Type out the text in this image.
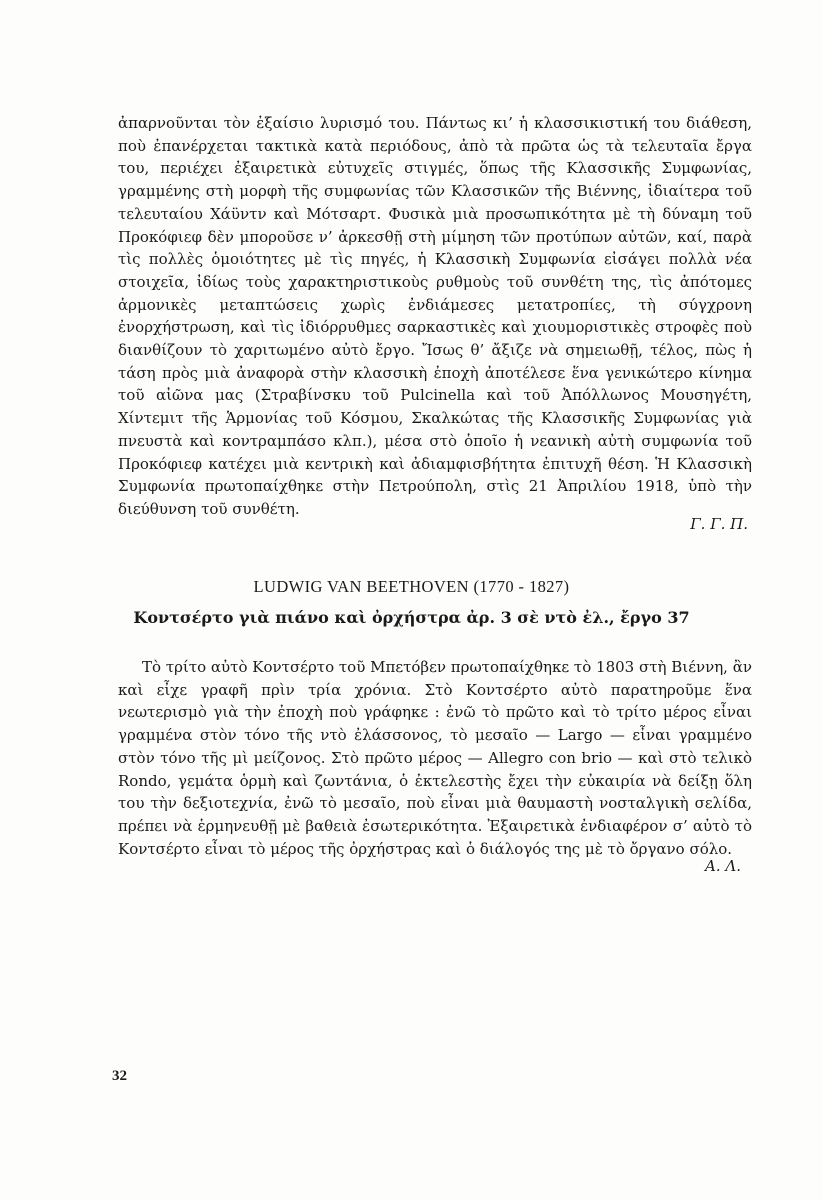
ἀπαρνοῦνται τὸν ἐξαίσιο λυρισμό του. Πάντως κι’ ἡ κλασσικιστική του διάθεση, ποὺ ἐπανέρχεται τακτικὰ κατὰ περιόδους, ἀπὸ τὰ πρῶτα ὡς τὰ τελευταῖα ἔργα του, περιέχει ἐξαιρετικὰ εὐτυχεῖς στιγμές, ὅπως τῆς Κλασσικῆς Συμφωνίας, γραμμένης στὴ μορφὴ τῆς συμφωνίας τῶν Κλασσικῶν τῆς Βιέννης, ἰδιαίτερα τοῦ τελευταίου Χάϋντν καὶ Μότσαρτ. Φυσικὰ μιὰ προσωπικότητα μὲ τὴ δύναμη τοῦ Προκόφιεφ δὲν μποροῦσε ν’ ἀρκεσθῇ στὴ μίμηση τῶν προτύπων αὐτῶν, καί, παρὰ τὶς πολλὲς ὁμοιότητες μὲ τὶς πηγές, ἡ Κλασσικὴ Συμφωνία εἰσάγει πολλὰ νέα στοιχεῖα, ἰδίως τοὺς χαρακτηριστικοὺς ρυθμοὺς τοῦ συνθέτη της, τὶς ἀπότομες ἁρμονικὲς μεταπτώσεις χωρὶς ἐνδιάμεσες μετατροπίες, τὴ σύγχρονη ἐνορχήστρωση, καὶ τὶς ἰδιόρρυθμες σαρκαστικὲς καὶ χιουμοριστικὲς στροφὲς ποὺ διανθίζουν τὸ χαριτωμένο αὐτὸ ἔργο. Ἴσως θ’ ἄξιζε νὰ σημειωθῇ, τέλος, πὼς ἡ τάση πρὸς μιὰ ἀναφορὰ στὴν κλασσικὴ ἐποχὴ ἀποτέλεσε ἕνα γενικώτερο κίνημα τοῦ αἰῶνα μας (Στραβίνσκυ τοῦ Pulcinella καὶ τοῦ Ἀπόλλωνος Μουσηγέτη, Χίντεμιτ τῆς Ἁρμονίας τοῦ Κόσμου, Σκαλκώτας τῆς Κλασσικῆς Συμφωνίας γιὰ πνευστὰ καὶ κοντραμπάσο κλπ.), μέσα στὸ ὁποῖο ἡ νεανικὴ αὐτὴ συμφωνία τοῦ Προκόφιεφ κατέχει μιὰ κεντρικὴ καὶ ἀδιαμφισβήτητα ἐπιτυχῆ θέση. Ἡ Κλασσικὴ Συμφωνία πρωτοπαίχθηκε στὴν Πετρούπολη, στὶς 21 Ἀπριλίου 1918, ὑπὸ τὴν διεύθυνση τοῦ συνθέτη.

Γ. Γ. Π.
LUDWIG VAN BEETHOVEN (1770 - 1827)
Κοντσέρτο γιὰ πιάνο καὶ ὀρχήστρα ἀρ. 3 σὲ ντὸ ἐλ., ἔργο 37

Τὸ τρίτο αὐτὸ Κοντσέρτο τοῦ Μπετόβεν πρωτοπαίχθηκε τὸ 1803 στὴ Βιέννη, ἂν καὶ εἶχε γραφῆ πρὶν τρία χρόνια. Στὸ Κοντσέρτο αὐτὸ παρατηροῦμε ἕνα νεωτερισμὸ γιὰ τὴν ἐποχὴ ποὺ γράφηκε : ἐνῶ τὸ πρῶτο καὶ τὸ τρίτο μέρος εἶναι γραμμένα στὸν τόνο τῆς ντὸ ἐλάσσονος, τὸ μεσαῖο — Largo — εἶναι γραμμένο στὸν τόνο τῆς μὶ μείζονος. Στὸ πρῶτο μέρος — Allegro con brio — καὶ στὸ τελικὸ Rondo, γεμάτα ὁρμὴ καὶ ζωντάνια, ὁ ἐκτελεστὴς ἔχει τὴν εὐκαιρία νὰ δείξῃ ὅλη του τὴν δεξιοτεχνία, ἐνῶ τὸ μεσαῖο, ποὺ εἶναι μιὰ θαυμαστὴ νοσταλγικὴ σελίδα, πρέπει νὰ ἑρμηνευθῇ μὲ βαθειὰ ἐσωτερικότητα. Ἐξαιρετικὰ ἐνδιαφέρον σ’ αὐτὸ τὸ Κοντσέρτο εἶναι τὸ μέρος τῆς ὀρχήστρας καὶ ὁ διάλογός της μὲ τὸ ὄργανο σόλο.

Α. Λ.
32
